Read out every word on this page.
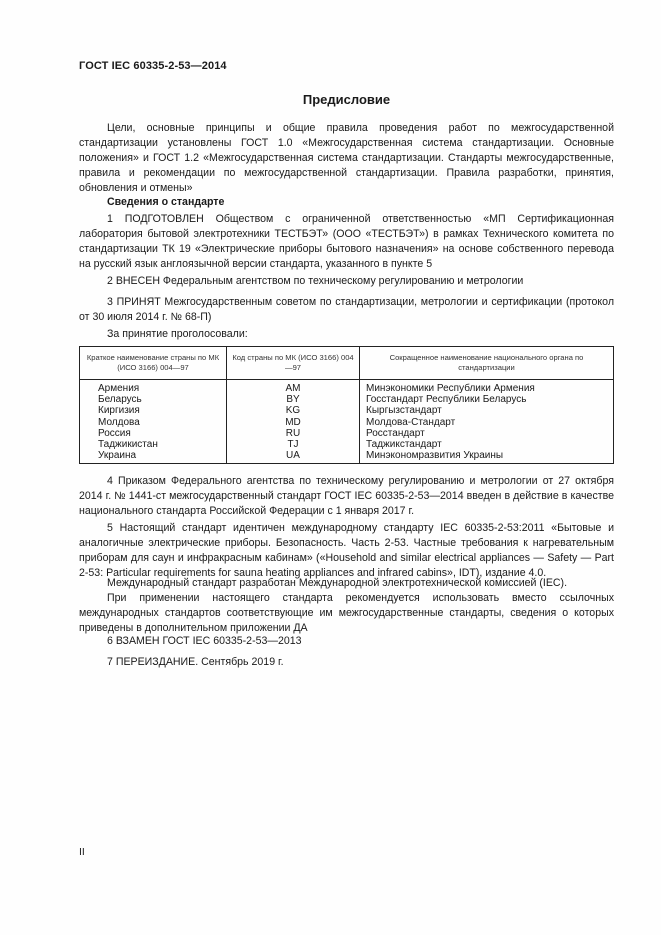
ГОСТ IEC 60335-2-53—2014
Предисловие

Цели, основные принципы и общие правила проведения работ по межгосударственной стандартизации установлены ГОСТ 1.0 «Межгосударственная система стандартизации. Основные положения» и ГОСТ 1.2 «Межгосударственная система стандартизации. Стандарты межгосударственные, правила и рекомендации по межгосударственной стандартизации. Правила разработки, принятия, обновления и отмены»

Сведения о стандарте

1 ПОДГОТОВЛЕН Обществом с ограниченной ответственностью «МП Сертификационная лаборатория бытовой электротехники ТЕСТБЭТ» (ООО «ТЕСТБЭТ») в рамках Технического комитета по стандартизации ТК 19 «Электрические приборы бытового назначения» на основе собственного перевода на русский язык англоязычной версии стандарта, указанного в пункте 5

2 ВНЕСЕН Федеральным агентством по техническому регулированию и метрологии

3 ПРИНЯТ Межгосударственным советом по стандартизации, метрологии и сертификации (протокол от 30 июля 2014 г. № 68-П)

За принятие проголосовали:

Краткое наименование страны по МК (ИСО 3166) 004—97	Код страны по МК (ИСО 3166) 004—97	Сокращенное наименование национального органа по стандартизации
Армения	AM	Минэкономики Республики Армения
Беларусь	BY	Госстандарт Республики Беларусь
Киргизия	KG	Кыргызстандарт
Молдова	MD	Молдова-Стандарт
Россия	RU	Росстандарт
Таджикистан	TJ	Таджикстандарт
Украина	UA	Минэкономразвития Украины

4 Приказом Федерального агентства по техническому регулированию и метрологии от 27 октября 2014 г. № 1441-ст межгосударственный стандарт ГОСТ IEC 60335-2-53—2014 введен в действие в качестве национального стандарта Российской Федерации с 1 января 2017 г.

5 Настоящий стандарт идентичен международному стандарту IEC 60335-2-53:2011 «Бытовые и аналогичные электрические приборы. Безопасность. Часть 2-53. Частные требования к нагревательным приборам для саун и инфракрасным кабинам» («Household and similar electrical appliances — Safety — Part 2-53: Particular requirements for sauna heating appliances and infrared cabins», IDT), издание 4.0.

Международный стандарт разработан Международной электротехнической комиссией (IEC).

При применении настоящего стандарта рекомендуется использовать вместо ссылочных международных стандартов соответствующие им межгосударственные стандарты, сведения о которых приведены в дополнительном приложении ДА

6 ВЗАМЕН ГОСТ IEC 60335-2-53—2013

7 ПЕРЕИЗДАНИЕ. Сентябрь 2019 г.

II
